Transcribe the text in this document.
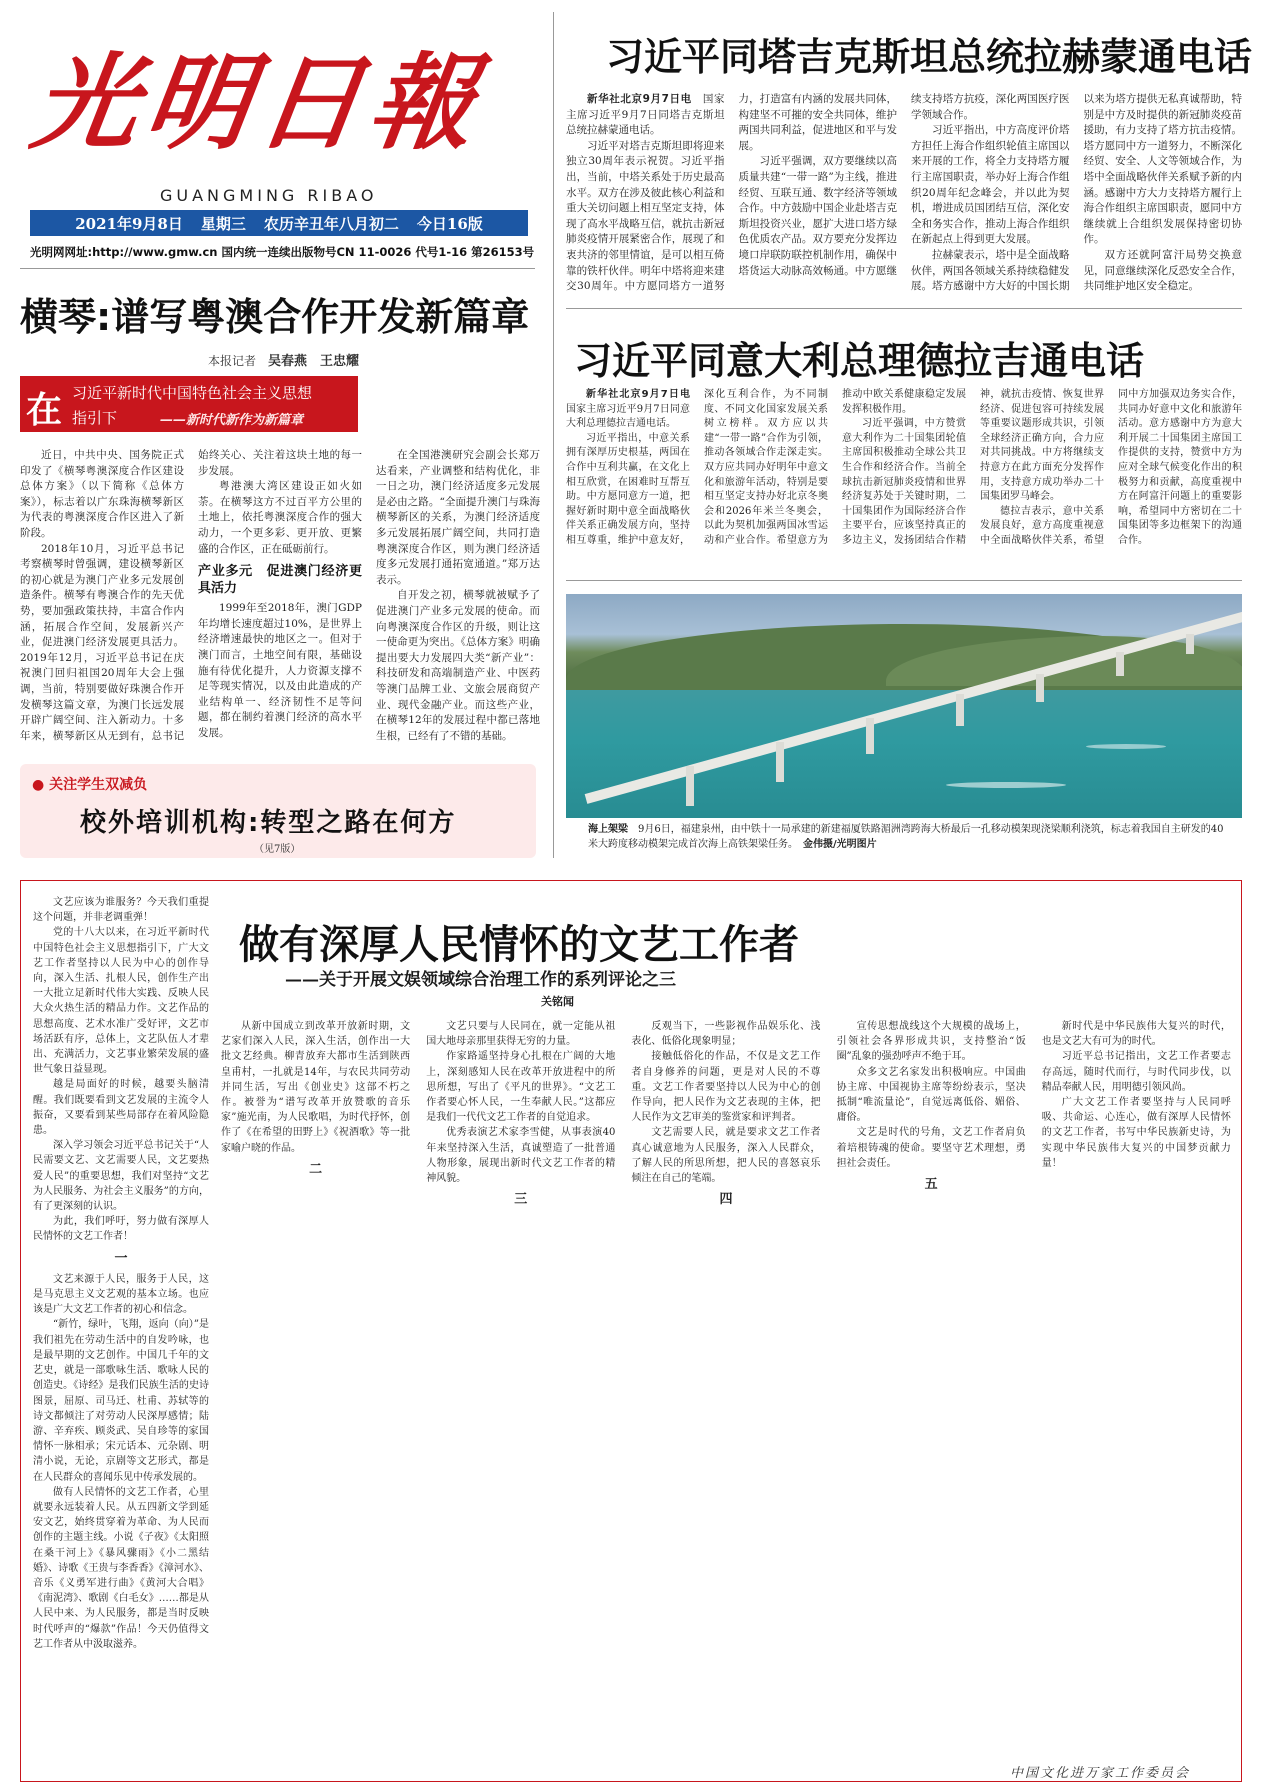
光明日報
GUANGMING RIBAO
2021年9月8日 星期三 农历辛丑年八月初二 今日16版
光明网网址:http://www.gmw.cn 国内统一连续出版物号CN 11-0026 代号1-16 第26153号
习近平同塔吉克斯坦总统拉赫蒙通电话

新华社北京9月7日电　 国家主席习近平9月7日同塔吉克斯坦总统拉赫蒙通电话。

习近平对塔吉克斯坦即将迎来独立30周年表示祝贺。习近平指出，当前，中塔关系处于历史最高水平。双方在涉及彼此核心利益和重大关切问题上相互坚定支持，体现了高水平战略互信，就抗击新冠肺炎疫情开展紧密合作，展现了和衷共济的邻里情谊，是可以相互倚靠的铁杆伙伴。明年中塔将迎来建交30周年。中方愿同塔方一道努力，打造富有内涵的发展共同体，构建坚不可摧的安全共同体，维护两国共同利益，促进地区和平与发展。

习近平强调，双方要继续以高质量共建“一带一路”为主线，推进经贸、互联互通、数字经济等领域合作。中方鼓励中国企业赴塔吉克斯坦投资兴业，愿扩大进口塔方绿色优质农产品。双方要充分发挥边境口岸联防联控机制作用，确保中塔货运大动脉高效畅通。中方愿继续支持塔方抗疫，深化两国医疗医学领域合作。

习近平指出，中方高度评价塔方担任上海合作组织轮值主席国以来开展的工作，将全力支持塔方履行主席国职责，举办好上海合作组织20周年纪念峰会，并以此为契机，增进成员国团结互信，深化安全和务实合作，推动上海合作组织在新起点上得到更大发展。

拉赫蒙表示，塔中是全面战略伙伴，两国各领域关系持续稳健发展。塔方感谢中方大好的中国长期以来为塔方提供无私真诚帮助，特别是中方及时提供的新冠肺炎疫苗援助，有力支持了塔方抗击疫情。塔方愿同中方一道努力，不断深化经贸、安全、人文等领域合作，为塔中全面战略伙伴关系赋予新的内涵。感谢中方大力支持塔方履行上海合作组织主席国职责，愿同中方继续就上合组织发展保持密切协作。

双方还就阿富汗局势交换意见，同意继续深化反恐安全合作，共同维护地区安全稳定。

横琴:谱写粤澳合作开发新篇章
本报记者　 吴春燕　王忠耀
在 习近平新时代中国特色社会主义思想
指引下	——新时代新作为新篇章

近日，中共中央、国务院正式印发了《横琴粤澳深度合作区建设总体方案》（以下简称《总体方案》），标志着以广东珠海横琴新区为代表的粤澳深度合作区进入了新阶段。

2018年10月，习近平总书记考察横琴时曾强调，建设横琴新区的初心就是为澳门产业多元发展创造条件。横琴有粤澳合作的先天优势，要加强政策扶持，丰富合作内涵，拓展合作空间，发展新兴产业，促进澳门经济发展更具活力。2019年12月，习近平总书记在庆祝澳门回归祖国20周年大会上强调，当前，特别要做好珠澳合作开发横琴这篇文章，为澳门长远发展开辟广阔空间、注入新动力。十多年来，横琴新区从无到有，总书记始终关心、关注着这块土地的每一步发展。

粤港澳大湾区建设正如火如荼。在横琴这方不过百平方公里的土地上，依托粤澳深度合作的强大动力，一个更多彩、更开放、更繁盛的合作区，正在砥砺前行。

产业多元　促进澳门经济更具活力

1999年至2018年，澳门GDP年均增长速度超过10%，是世界上经济增速最快的地区之一。但对于澳门而言，土地空间有限，基础设施有待优化提升，人力资源支撑不足等现实情况，以及由此造成的产业结构单一、经济韧性不足等问题，都在制约着澳门经济的高水平发展。

在全国港澳研究会副会长郑万达看来，产业调整和结构优化，非一日之功，澳门经济适度多元发展是必由之路。“全面提升澳门与珠海横琴新区的关系，为澳门经济适度多元发展拓展广阔空间，共同打造粤澳深度合作区，则为澳门经济适度多元发展打通拓宽通道。”郑万达表示。

自开发之初，横琴就被赋予了促进澳门产业多元发展的使命。而向粤澳深度合作区的升级，则让这一使命更为突出。《总体方案》明确提出要大力发展四大类“新产业”：科技研发和高端制造产业、中医药等澳门品牌工业、文旅会展商贸产业、现代金融产业。而这些产业，在横琴12年的发展过程中都已落地生根，已经有了不错的基础。

● 关注学生双减负
校外培训机构:转型之路在何方
（见7版）
习近平同意大利总理德拉吉通电话

新华社北京9月7日电　国家主席习近平9月7日同意大利总理德拉吉通电话。

习近平指出，中意关系拥有深厚历史根基，两国在合作中互利共赢，在文化上相互欣赏，在困难时互帮互助。中方愿同意方一道，把握好新时期中意全面战略伙伴关系正确发展方向，坚持相互尊重，维护中意友好，深化互利合作，为不同制度、不同文化国家发展关系树立榜样。双方应以共建“一带一路”合作为引领，推动各领域合作走深走实。双方应共同办好明年中意文化和旅游年活动，特别是要相互坚定支持办好北京冬奥会和2026年米兰冬奥会，以此为契机加强两国冰雪运动和产业合作。希望意方为推动中欧关系健康稳定发展发挥积极作用。

习近平强调，中方赞赏意大利作为二十国集团轮值主席国积极推动全球公共卫生合作和经济合作。当前全球抗击新冠肺炎疫情和世界经济复苏处于关键时期，二十国集团作为国际经济合作主要平台，应该坚持真正的多边主义，发扬团结合作精神，就抗击疫情、恢复世界经济、促进包容可持续发展等重要议题形成共识，引领全球经济正确方向，合力应对共同挑战。中方将继续支持意方在此方面充分发挥作用，支持意方成功举办二十国集团罗马峰会。

德拉吉表示，意中关系发展良好，意方高度重视意中全面战略伙伴关系，希望同中方加强双边务实合作，共同办好意中文化和旅游年活动。意方感谢中方为意大利开展二十国集团主席国工作提供的支持，赞赏中方为应对全球气候变化作出的积极努力和贡献，高度重视中方在阿富汗问题上的重要影响，希望同中方密切在二十国集团等多边框架下的沟通合作。

海上架梁　 9月6日，福建泉州，由中铁十一局承建的新建福厦铁路湄洲湾跨海大桥最后一孔移动模架现浇梁顺利浇筑，标志着我国自主研发的40米大跨度移动模架完成首次海上高铁架梁任务。　 金伟摄/光明图片
做有深厚人民情怀的文艺工作者
——关于开展文娱领域综合治理工作的系列评论之三
关铭闻

文艺应该为谁服务？今天我们重提这个问题，并非老调重弹！

党的十八大以来，在习近平新时代中国特色社会主义思想指引下，广大文艺工作者坚持以人民为中心的创作导向，深入生活、扎根人民，创作生产出一大批立足新时代伟大实践、反映人民大众火热生活的精品力作。文艺作品的思想高度、艺术水准广受好评，文艺市场活跃有序，总体上，文艺队伍人才辈出、充满活力，文艺事业繁荣发展的盛世气象日益显现。

越是局面好的时候，越要头脑清醒。我们既要看到文艺发展的主流令人振奋，又要看到某些局部存在着风险隐患。

深入学习领会习近平总书记关于“人民需要文艺、文艺需要人民，文艺要热爱人民”的重要思想，我们对坚持“文艺为人民服务、为社会主义服务”的方向，有了更深刻的认识。

为此，我们呼吁，努力做有深厚人民情怀的文艺工作者！

一

文艺来源于人民，服务于人民，这是马克思主义文艺观的基本立场。也应该是广大文艺工作者的初心和信念。

“新竹，绿叶，飞翔，返向（向）”是我们祖先在劳动生活中的自发吟咏，也是最早期的文艺创作。中国几千年的文艺史，就是一部歌咏生活、歌咏人民的创造史。《诗经》是我们民族生活的史诗图景，屈原、司马迁、杜甫、苏轼等的诗文都倾注了对劳动人民深厚感情；陆游、辛弃疾、顾炎武、吴自珍等的家国情怀一脉相承；宋元话本、元杂剧、明清小说，无论，京剧等文艺形式，都是在人民群众的喜闻乐见中传承发展的。

做有人民情怀的文艺工作者，心里就要永远装着人民。从五四新文学到延安文艺，始终贯穿着为革命、为人民而创作的主题主线。小说《子夜》《太阳照在桑干河上》《暴风骤雨》《小二黑结婚》、诗歌《王贵与李香香》《漳河水》、音乐《义勇军进行曲》《黄河大合唱》《南泥湾》、歌剧《白毛女》……都是从人民中来、为人民服务，都是当时反映时代呼声的“爆款”作品！今天仍值得文艺工作者从中汲取滋养。

从新中国成立到改革开放新时期，文艺家们深入人民，深入生活，创作出一大批文艺经典。柳青放弃大都市生活到陕西皇甫村，一扎就是14年，与农民共同劳动并同生活，写出《创业史》这部不朽之作。被誉为“谱写改革开放赞歌的音乐家”施光南，为人民歌唱，为时代抒怀，创作了《在希望的田野上》《祝酒歌》等一批家喻户晓的作品。

二

文艺只要与人民同在，就一定能从祖国大地母亲那里获得无穷的力量。

作家路遥坚持身心扎根在广阔的大地上，深刻感知人民在改革开放进程中的所思所想，写出了《平凡的世界》。“文艺工作者要心怀人民，一生奉献人民。”这都应是我们一代代文艺工作者的自觉追求。

优秀表演艺术家李雪健，从事表演40年来坚持深入生活，真诚塑造了一批普通人物形象，展现出新时代文艺工作者的精神风貌。

三

反观当下，一些影视作品娱乐化、浅表化、低俗化现象明显；

接触低俗化的作品，不仅是文艺工作者自身修养的问题，更是对人民的不尊重。文艺工作者要坚持以人民为中心的创作导向，把人民作为文艺表现的主体，把人民作为文艺审美的鉴赏家和评判者。

文艺需要人民，就是要求文艺工作者真心诚意地为人民服务，深入人民群众，了解人民的所思所想，把人民的喜怒哀乐倾注在自己的笔端。

四

宣传思想战线这个大规模的战场上，引领社会各界形成共识，支持整治“饭圈”乱象的强劲呼声不绝于耳。

众多文艺名家发出积极响应。中国曲协主席、中国视协主席等纷纷表示，坚决抵制“唯流量论”，自觉远离低俗、媚俗、庸俗。

文艺是时代的号角，文艺工作者肩负着培根铸魂的使命。要坚守艺术理想，勇担社会责任。

五

新时代是中华民族伟大复兴的时代，也是文艺大有可为的时代。

习近平总书记指出，文艺工作者要志存高远，随时代而行，与时代同步伐，以精品奉献人民，用明德引领风尚。

广大文艺工作者要坚持与人民同呼吸、共命运、心连心，做有深厚人民情怀的文艺工作者，书写中华民族新史诗，为实现中华民族伟大复兴的中国梦贡献力量！

中国文化进万家工作委员会
